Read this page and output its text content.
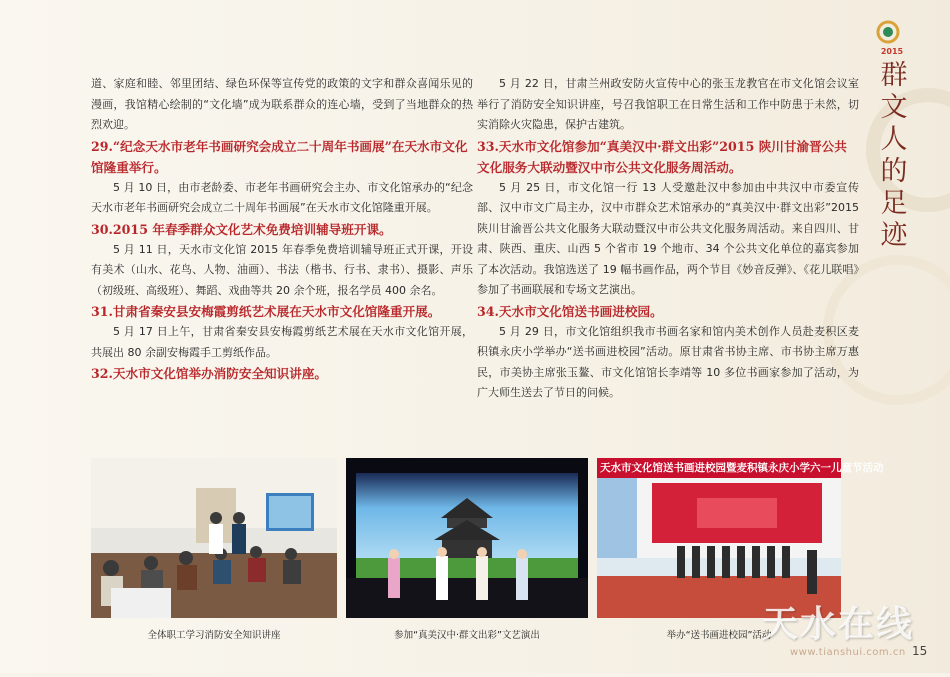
2015
群文人的足迹

道、家庭和睦、邻里团结、绿色环保等宣传党的政策的文字和群众喜闻乐见的漫画，我馆精心绘制的“文化墙”成为联系群众的连心墙，受到了当地群众的热烈欢迎。

29.“纪念天水市老年书画研究会成立二十周年书画展”在天水市文化馆隆重举行。

5 月 10 日，由市老龄委、市老年书画研究会主办、市文化馆承办的“纪念天水市老年书画研究会成立二十周年书画展”在天水市文化馆隆重开展。

30.2015 年春季群众文化艺术免费培训辅导班开课。

5 月 11 日，天水市文化馆 2015 年春季免费培训辅导班正式开课，开设有美术（山水、花鸟、人物、油画）、书法（楷书、行书、隶书）、摄影、声乐（初级班、高级班）、舞蹈、戏曲等共 20 余个班，报名学员 400 余名。

31.甘肃省秦安县安梅霞剪纸艺术展在天水市文化馆隆重开展。

5 月 17 日上午，甘肃省秦安县安梅霞剪纸艺术展在天水市文化馆开展，共展出 80 余副安梅霞手工剪纸作品。

32.天水市文化馆举办消防安全知识讲座。

5 月 22 日，甘肃兰州政安防火宣传中心的张玉龙教官在市文化馆会议室举行了消防安全知识讲座，号召我馆职工在日常生活和工作中防患于未然，切实消除火灾隐患，保护古建筑。

33.天水市文化馆参加“真美汉中·群文出彩”2015 陕川甘渝晋公共文化服务大联动暨汉中市公共文化服务周活动。

5 月 25 日，市文化馆一行 13 人受邀赴汉中参加由中共汉中市委宣传部、汉中市文广局主办，汉中市群众艺术馆承办的“真美汉中·群文出彩”2015 陕川甘渝晋公共文化服务大联动暨汉中市公共文化服务周活动。来自四川、甘肃、陕西、重庆、山西 5 个省市 19 个地市、34 个公共文化单位的嘉宾参加了本次活动。我馆选送了 19 幅书画作品，两个节目《妙音反弹》、《花儿联唱》参加了书画联展和专场文艺演出。

34.天水市文化馆送书画进校园。

5 月 29 日，市文化馆组织我市书画名家和馆内美术创作人员赴麦积区麦积镇永庆小学举办“送书画进校园”活动。原甘肃省书协主席、市书协主席万惠民，市美协主席张玉鳌、市文化馆馆长李靖等 10 多位书画家参加了活动，为广大师生送去了节日的问候。

全体职工学习消防安全知识讲座	参加“真美汉中·群文出彩”文艺演出
天水市文化馆送书画进校园暨麦积镇永庆小学六一儿童节活动
举办“送书画进校园”活动
天水在线
www.tianshui.com.cn 15
